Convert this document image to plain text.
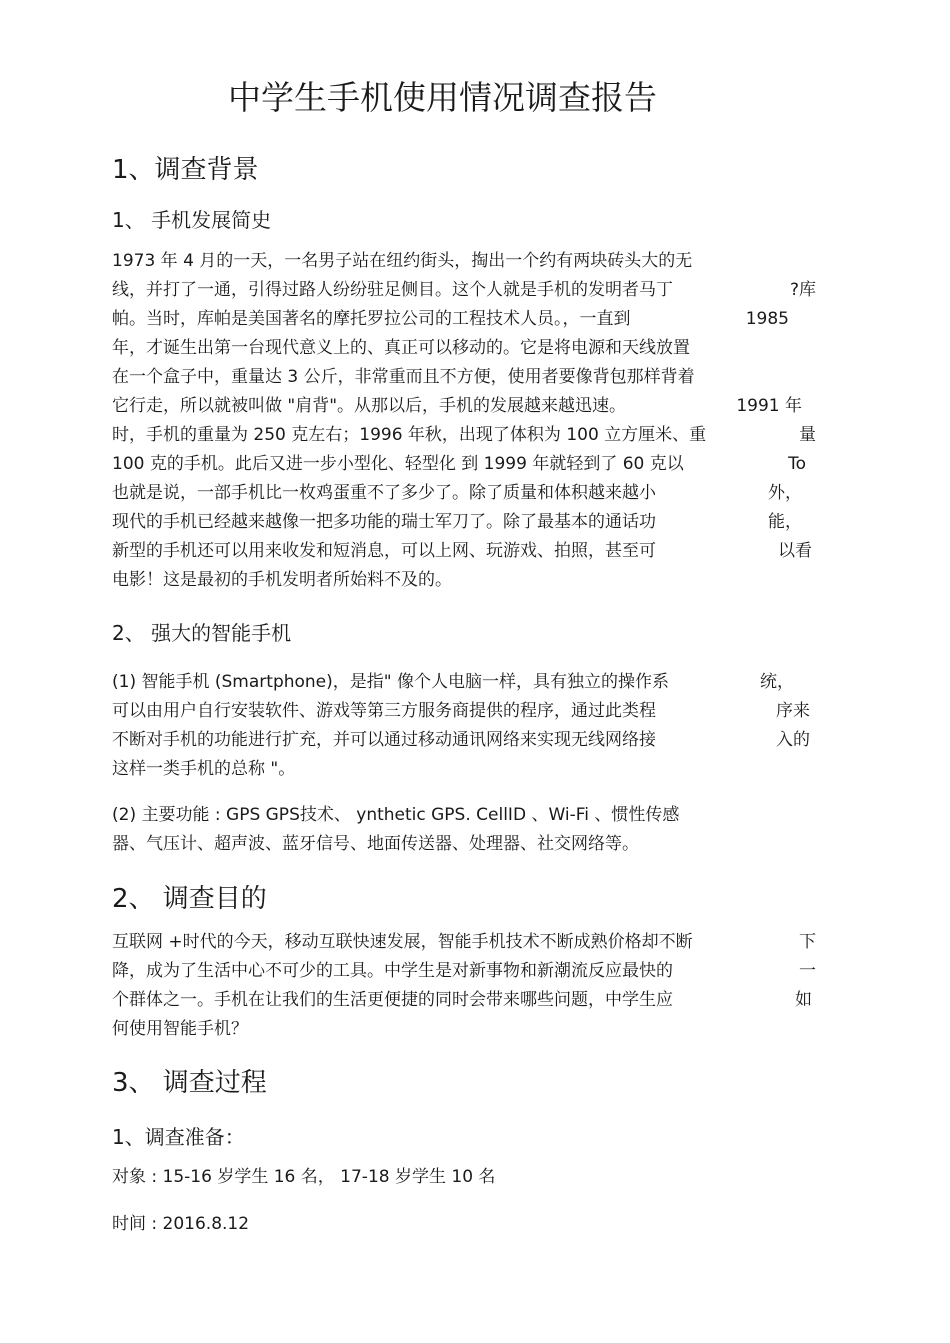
中学生手机使用情况调查报告
1、调查背景
1、 手机发展简史
1973 年 4 月的一天，一名男子站在纽约街头，掏出一个约有两块砖头大的无
线，并打了一通，引得过路人纷纷驻足侧目。这个人就是手机的发明者马丁	?库
帕。当时，库帕是美国著名的摩托罗拉公司的工程技术人员。，一直到	1985
年，才诞生出第一台现代意义上的、真正可以移动的。它是将电源和天线放置
在一个盒子中，重量达 3 公斤，非常重而且不方便，使用者要像背包那样背着
它行走，所以就被叫做 "肩背"。从那以后，手机的发展越来越迅速。	1991 年
时，手机的重量为 250 克左右；1996 年秋，出现了体积为 100 立方厘米、重	量
100 克的手机。此后又进一步小型化、轻型化 到 1999 年就轻到了 60 克以	To
也就是说，一部手机比一枚鸡蛋重不了多少了。除了质量和体积越来越小	外，
现代的手机已经越来越像一把多功能的瑞士军刀了。除了最基本的通话功	能，
新型的手机还可以用来收发和短消息，可以上网、玩游戏、拍照，甚至可	以看
电影！这是最初的手机发明者所始料不及的。
2、 强大的智能手机
(1) 智能手机 (Smartphone)，是指" 像个人电脑一样，具有独立的操作系	统，
可以由用户自行安装软件、游戏等第三方服务商提供的程序，通过此类程	序来
不断对手机的功能进行扩充，并可以通过移动通讯网络来实现无线网络接	入的
这样一类手机的总称 "。
(2) 主要功能 : GPS GPS技术、 ynthetic GPS. CellID 、Wi-Fi 、惯性传感
器、气压计、超声波、蓝牙信号、地面传送器、处理器、社交网络等。
2、 调查目的
互联网 +时代的今天，移动互联快速发展，智能手机技术不断成熟价格却不断	下
降，成为了生活中心不可少的工具。中学生是对新事物和新潮流反应最快的	一
个群体之一。手机在让我们的生活更便捷的同时会带来哪些问题，中学生应	如
何使用智能手机？
3、 调查过程
1、调查准备：
对象 : 15-16 岁学生 16 名， 17-18 岁学生 10 名
时间 : 2016.8.12
